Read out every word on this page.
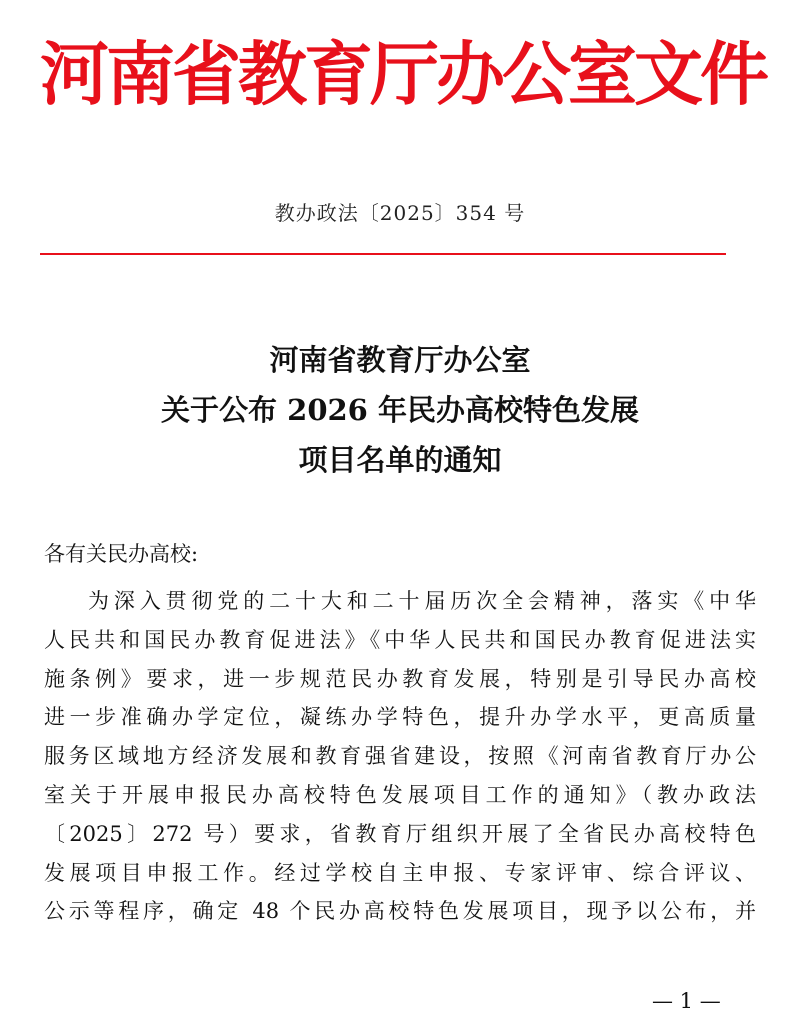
河南省教育厅办公室文件
教办政法〔2025〕354 号
河南省教育厅办公室
关于公布 2026 年民办高校特色发展
项目名单的通知
各有关民办高校:
为深入贯彻党的二十大和二十届历次全会精神，落实《中华
人民共和国民办教育促进法》《中华人民共和国民办教育促进法实
施条例》要求，进一步规范民办教育发展，特别是引导民办高校
进一步准确办学定位，凝练办学特色，提升办学水平，更高质量
服务区域地方经济发展和教育强省建设，按照《河南省教育厅办公
室关于开展申报民办高校特色发展项目工作的通知》（教办政法
〔2025〕272 号）要求，省教育厅组织开展了全省民办高校特色
发展项目申报工作。经过学校自主申报、专家评审、综合评议、
公示等程序，确定 48 个民办高校特色发展项目，现予以公布，并
— 1 —
